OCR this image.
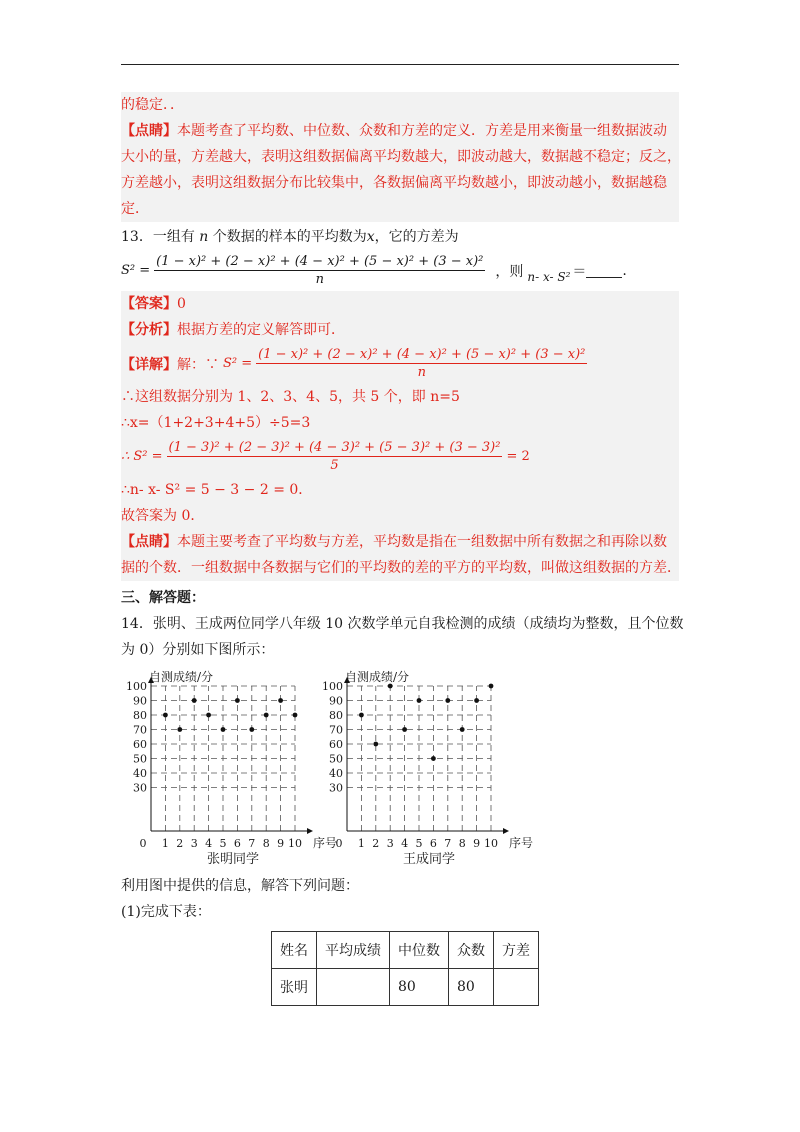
的稳定．．
【点睛】本题考查了平均数、中位数、众数和方差的定义．方差是用来衡量一组数据波动
大小的量，方差越大，表明这组数据偏离平均数越大，即波动越大，数据越不稳定；反之，
方差越小，表明这组数据分布比较集中，各数据偏离平均数越小，即波动越小，数据越稳
定．
13．一组有 n 个数据的样本的平均数为x，它的方差为
$S^2 = \frac{\text{(1 − x)² + (2 − x)² + (4 − x)² + (5 − x)² + (3 − x)²}}{n}$ ，则 n- x- S² ＝	.
【答案】0
【分析】根据方差的定义解答即可．
【详解】 解：∵ $S^2 = \frac{\text{(1 − x)² + (2 − x)² + (4 − x)² + (5 − x)² + (3 − x)²}}{n}$
∴这组数据分别为 1、2、3、4、5，共 5 个，即 n=5
∴x=（1+2+3+4+5）÷5=3
∴ $S^2 = \frac{\text{(1 − 3)² + (2 − 3)² + (4 − 3)² + (5 − 3)² + (3 − 3)²}}{5} = 2$
∴n- x- S² = 5 − 3 − 2 = 0．
故答案为 0．
【点睛】本题主要考查了平均数与方差，平均数是指在一组数据中所有数据之和再除以数
据的个数．一组数据中各数据与它们的平均数的差的平方的平均数，叫做这组数据的方差．
三、解答题：
14．张明、王成两位同学八年级 10 次数学单元自我检测的成绩（成绩均为整数，且个位数
为 0）分别如下图所示：
30
40
50
60
70
80
90
100
0 1 2 3 4 5 6 7 8 9 10
自测成绩/分
序号
张明同学
30
40
50
60
70
80
90
100
0 1 2 3 4 5 6 7 8 9 10
自测成绩/分
序号
王成同学
利用图中提供的信息，解答下列问题：
(1)完成下表：
姓名	平均成绩	中位数	众数	方差
张明		80	80	
